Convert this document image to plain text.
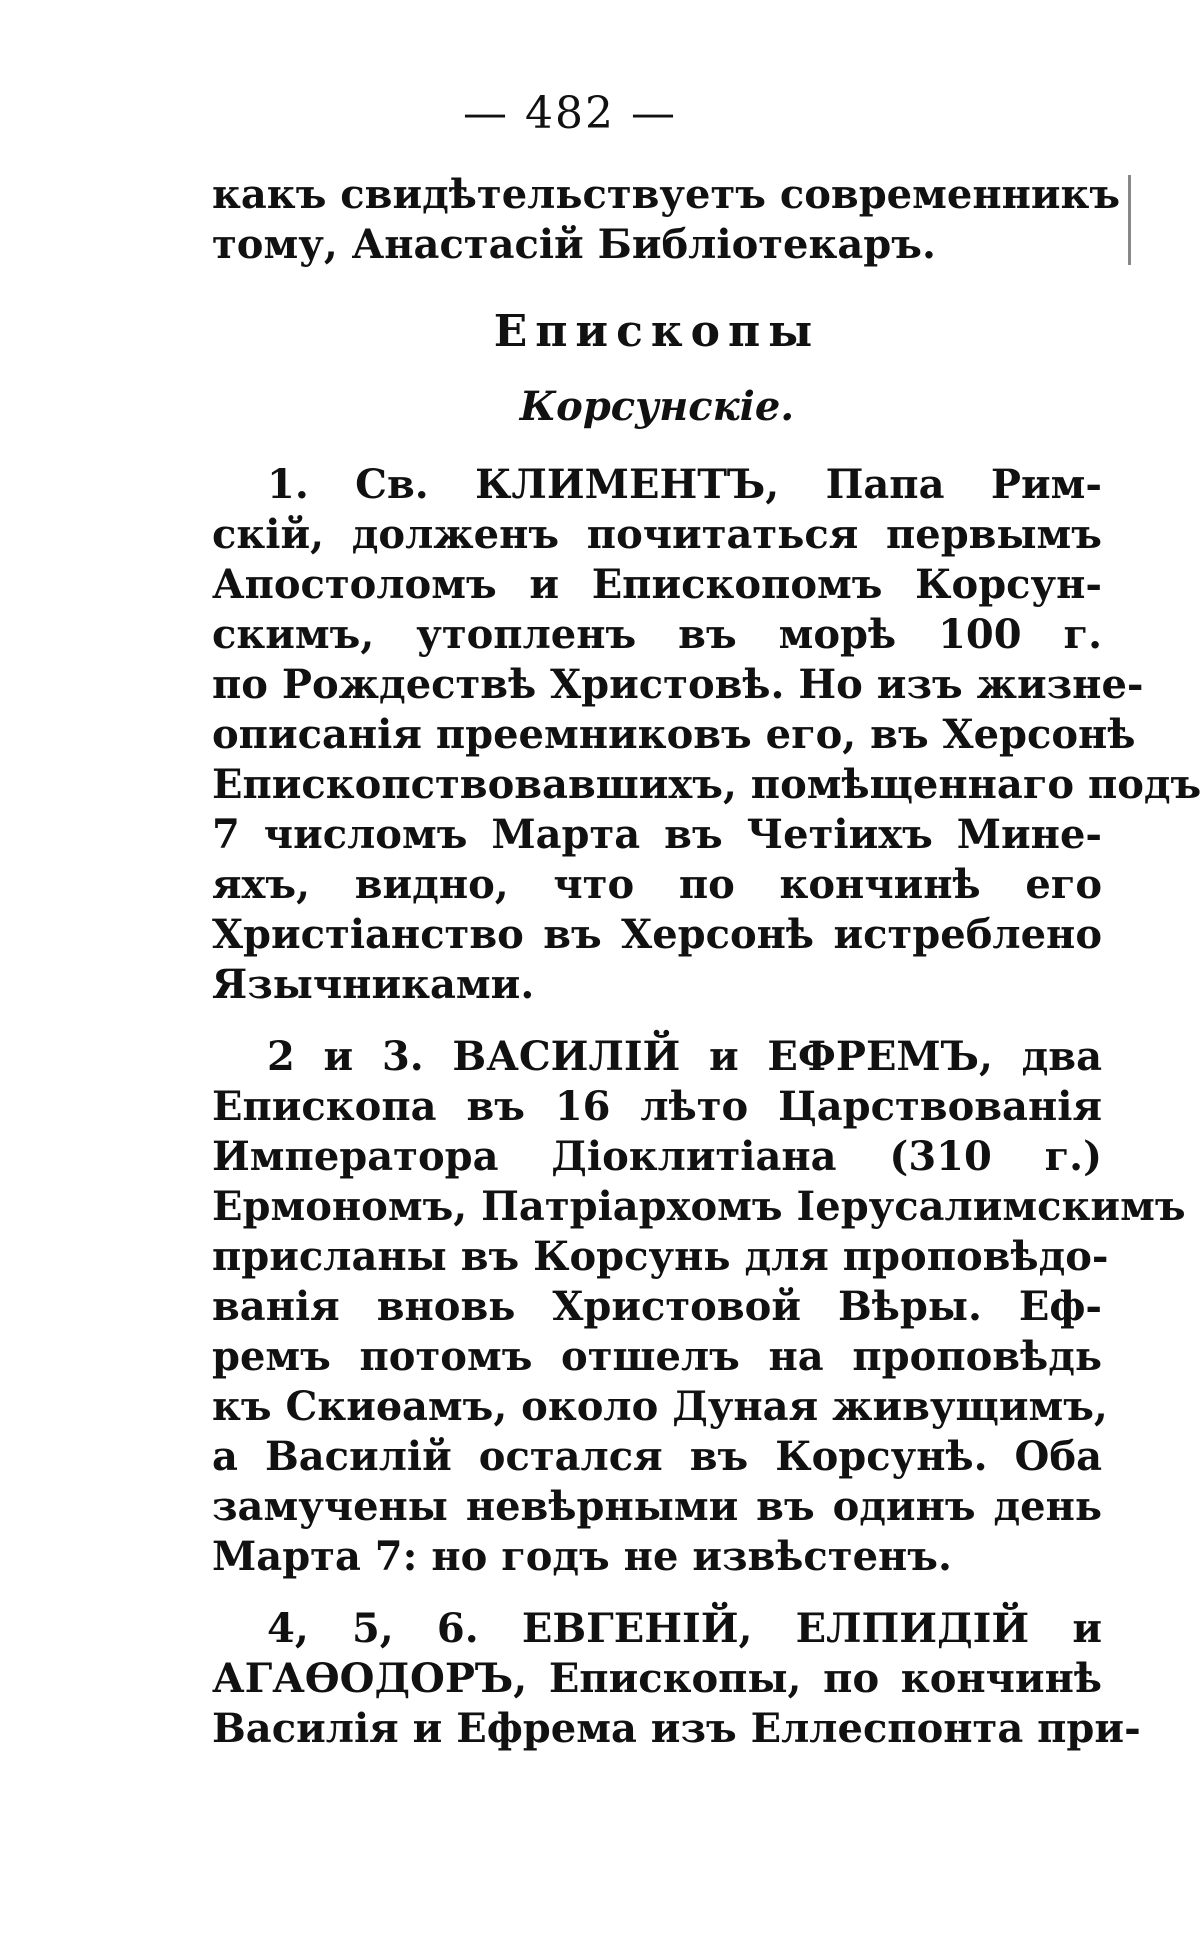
— 482 —
какъ свидѣтельствуетъ современникъ
тому, Анастасій Библіотекаръ.
Епископы
Корсунскіе.
1. Св. КЛИМЕНТЪ, Папа Рим-
скій, долженъ почитаться первымъ
Апостоломъ и Епископомъ Корсун-
скимъ, утопленъ въ морѣ 100 г.
по Рождествѣ Христовѣ. Но изъ жизне-
описанія преемниковъ его, въ Херсонѣ
Епископствовавшихъ, помѣщеннаго подъ
7 числомъ Марта въ Четіихъ Мине-
яхъ, видно, что по кончинѣ его
Христіанство въ Херсонѣ истреблено
Язычниками.
2 и 3. ВАСИЛІЙ и ЕФРЕМЪ, два
Епископа въ 16 лѣто Царствованія
Императора Діоклитіана (310 г.)
Ермономъ, Патріархомъ Іерусалимскимъ
присланы въ Корсунь для проповѣдо-
ванія вновь Христовой Вѣры. Еф-
ремъ потомъ отшелъ на проповѣдь
къ Скиѳамъ, около Дуная живущимъ,
а Василій остался въ Корсунѣ. Оба
замучены невѣрными въ одинъ день
Марта 7: но годъ не извѣстенъ.
4, 5, 6. ЕВГЕНІЙ, ЕЛПИДІЙ и
АГАѲОДОРЪ, Епископы, по кончинѣ
Василія и Ефрема изъ Еллеспонта при-
